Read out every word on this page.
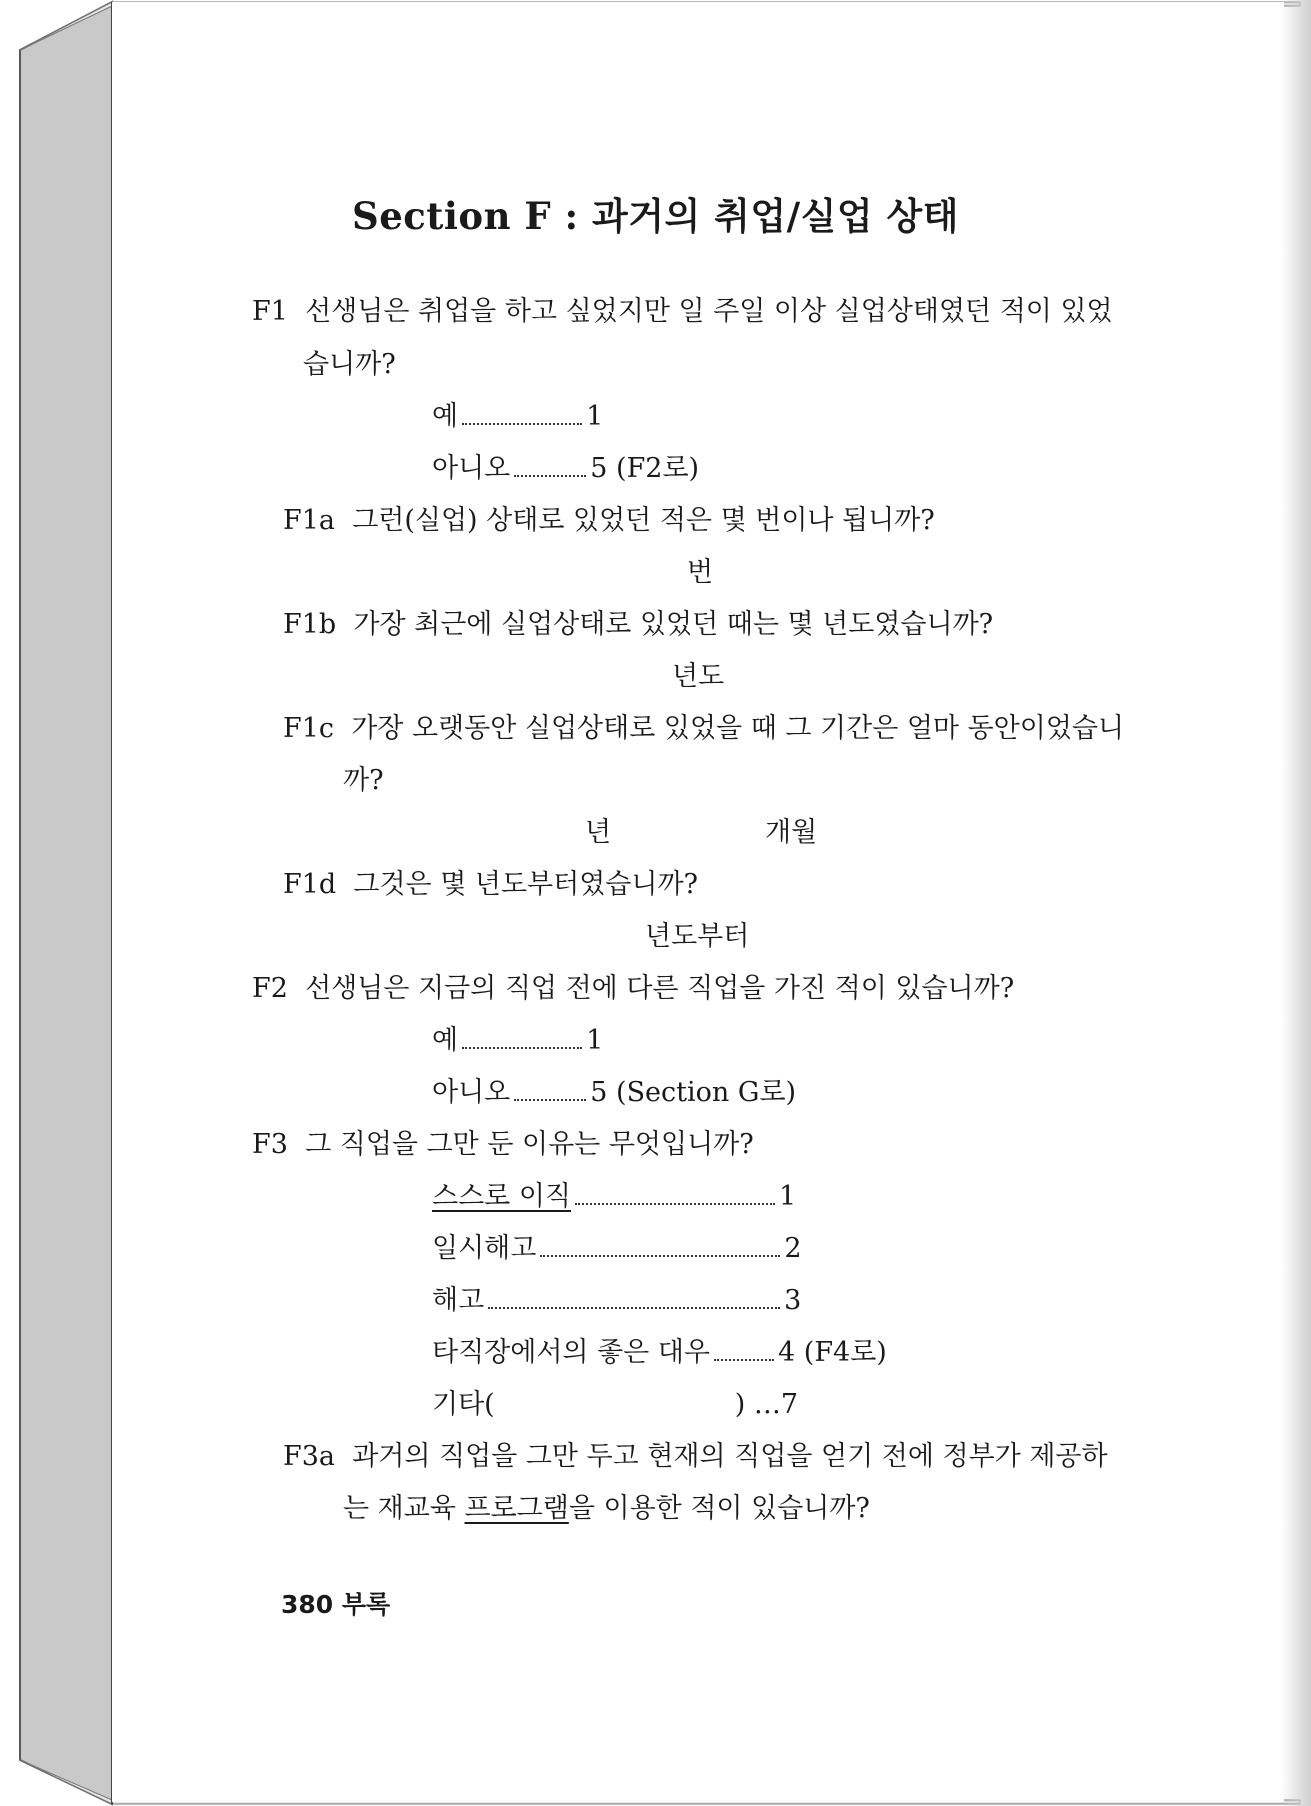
Section F : 과거의 취업/실업 상태
F1 선생님은 취업을 하고 싶었지만 일 주일 이상 실업상태였던 적이 있었
습니까?
예	1
아니오	5 (F2로)
F1a 그런(실업) 상태로 있었던 적은 몇 번이나 됩니까?
번
F1b 가장 최근에 실업상태로 있었던 때는 몇 년도였습니까?
년도
F1c 가장 오랫동안 실업상태로 있었을 때 그 기간은 얼마 동안이었습니
까?
년	개월
F1d 그것은 몇 년도부터였습니까?
년도부터
F2 선생님은 지금의 직업 전에 다른 직업을 가진 적이 있습니까?
예	1
아니오	5 (Section G로)
F3 그 직업을 그만 둔 이유는 무엇입니까?
스스로 이직	1
일시해고	2
해고	3
타직장에서의 좋은 대우	4 (F4로)
기타(	) …7
F3a 과거의 직업을 그만 두고 현재의 직업을 얻기 전에 정부가 제공하
는 재교육 프로그램을 이용한 적이 있습니까?
380 부록
